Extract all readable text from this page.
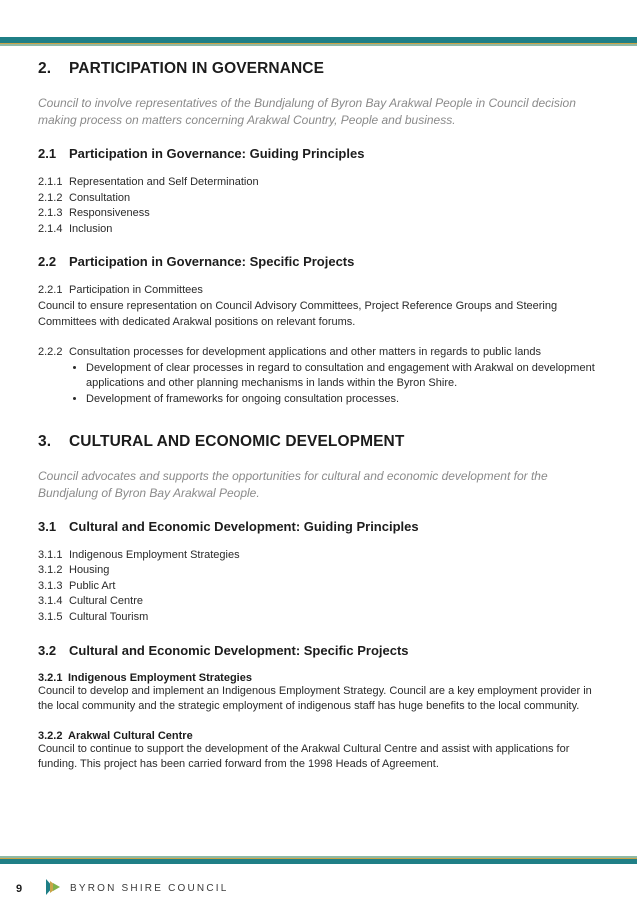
2. PARTICIPATION IN GOVERNANCE

Council to involve representatives of the Bundjalung of Byron Bay Arakwal People in Council decision making process on matters concerning Arakwal Country, People and business.

2.1 Participation in Governance: Guiding Principles
2.1.1 Representation and Self Determination
2.1.2 Consultation
2.1.3 Responsiveness
2.1.4 Inclusion
2.2 Participation in Governance: Specific Projects
2.2.1 Participation in Committees

Council to ensure representation on Council Advisory Committees, Project Reference Groups and Steering Committees with dedicated Arakwal positions on relevant forums.

2.2.2 Consultation processes for development applications and other matters in regards to public lands
• Development of clear processes in regard to consultation and engagement with Arakwal on development applications and other planning mechanisms in lands within the Byron Shire.
• Development of frameworks for ongoing consultation processes.
3. CULTURAL AND ECONOMIC DEVELOPMENT

Council advocates and supports the opportunities for cultural and economic development for the Bundjalung of Byron Bay Arakwal People.

3.1 Cultural and Economic Development: Guiding Principles
3.1.1 Indigenous Employment Strategies
3.1.2 Housing
3.1.3 Public Art
3.1.4 Cultural Centre
3.1.5 Cultural Tourism
3.2 Cultural and Economic Development: Specific Projects
3.2.1 Indigenous Employment Strategies

Council to develop and implement an Indigenous Employment Strategy. Council are a key employment provider in the local community and the strategic employment of indigenous staff has huge benefits to the local community.

3.2.2 Arakwal Cultural Centre

Council to continue to support the development of the Arakwal Cultural Centre and assist with applications for funding. This project has been carried forward from the 1998 Heads of Agreement.

9	BYRON SHIRE COUNCIL
